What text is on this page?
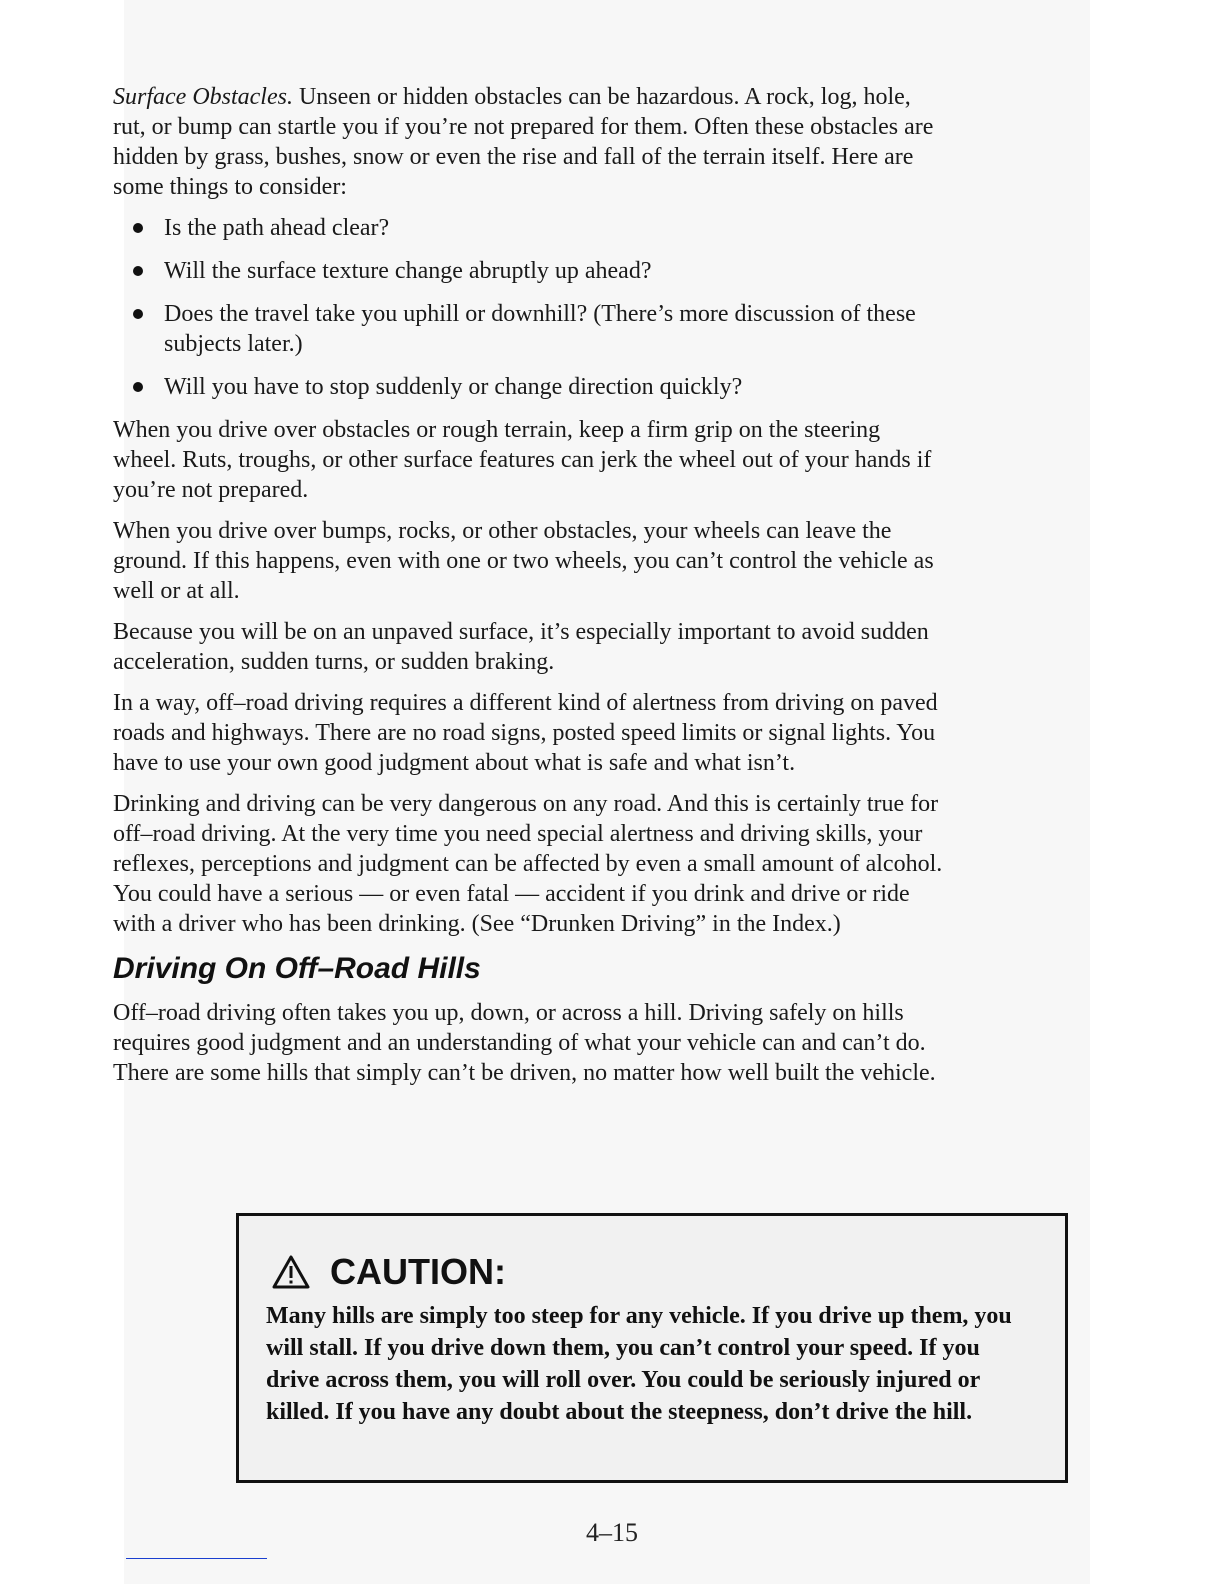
Surface Obstacles. Unseen or hidden obstacles can be hazardous. A rock, log, hole, rut, or bump can startle you if you’re not prepared for them. Often these obstacles are hidden by grass, bushes, snow or even the rise and fall of the terrain itself. Here are some things to consider:

Is the path ahead clear?
Will the surface texture change abruptly up ahead?
Does the travel take you uphill or downhill? (There’s more discussion of these subjects later.)
Will you have to stop suddenly or change direction quickly?

When you drive over obstacles or rough terrain, keep a firm grip on the steering wheel. Ruts, troughs, or other surface features can jerk the wheel out of your hands if you’re not prepared.

When you drive over bumps, rocks, or other obstacles, your wheels can leave the ground. If this happens, even with one or two wheels, you can’t control the vehicle as well or at all.

Because you will be on an unpaved surface, it’s especially important to avoid sudden acceleration, sudden turns, or sudden braking.

In a way, off–road driving requires a different kind of alertness from driving on paved roads and highways. There are no road signs, posted speed limits or signal lights. You have to use your own good judgment about what is safe and what isn’t.

Drinking and driving can be very dangerous on any road. And this is certainly true for off–road driving. At the very time you need special alertness and driving skills, your reflexes, perceptions and judgment can be affected by even a small amount of alcohol. You could have a serious — or even fatal — accident if you drink and drive or ride with a driver who has been drinking. (See “Drunken Driving” in the Index.)

Driving On Off–Road Hills

Off–road driving often takes you up, down, or across a hill. Driving safely on hills requires good judgment and an understanding of what your vehicle can and can’t do. There are some hills that simply can’t be driven, no matter how well built the vehicle.

CAUTION:

Many hills are simply too steep for any vehicle. If you drive up them, you will stall. If you drive down them, you can’t control your speed. If you drive across them, you will roll over. You could be seriously injured or killed. If you have any doubt about the steepness, don’t drive the hill.

4–15
